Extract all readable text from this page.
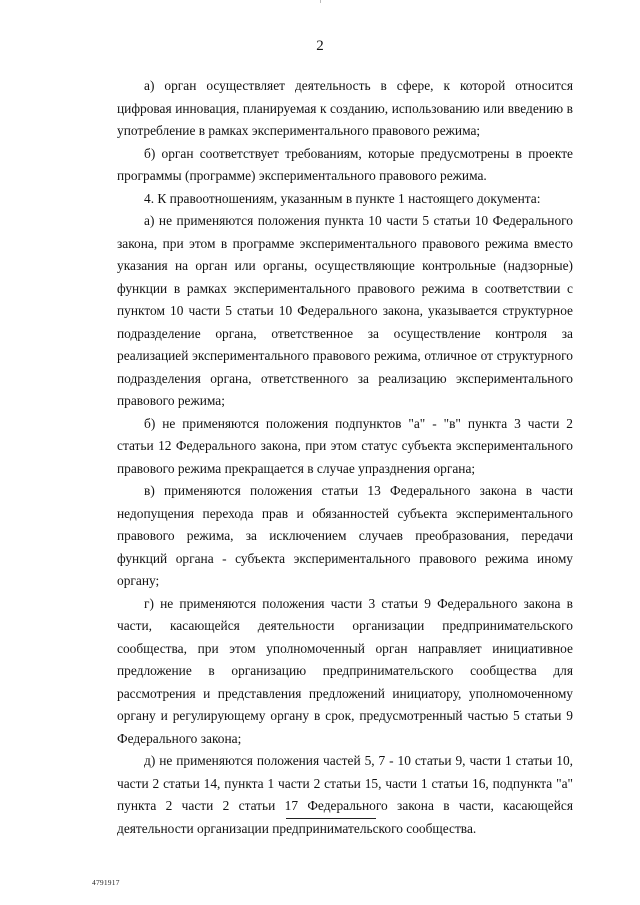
2

а) орган осуществляет деятельность в сфере, к которой относится цифровая инновация, планируемая к созданию, использованию или введению в употребление в рамках экспериментального правового режима;

б) орган соответствует требованиям, которые предусмотрены в проекте программы (программе) экспериментального правового режима.

4. К правоотношениям, указанным в пункте 1 настоящего документа:

а) не применяются положения пункта 10 части 5 статьи 10 Федерального закона, при этом в программе экспериментального правового режима вместо указания на орган или органы, осуществляющие контрольные (надзорные) функции в рамках экспериментального правового режима в соответствии с пунктом 10 части 5 статьи 10 Федерального закона, указывается структурное подразделение органа, ответственное за осуществление контроля за реализацией экспериментального правового режима, отличное от структурного подразделения органа, ответственного за реализацию экспериментального правового режима;

б) не применяются положения подпунктов "а" - "в" пункта 3 части 2 статьи 12 Федерального закона, при этом статус субъекта экспериментального правового режима прекращается в случае упразднения органа;

в) применяются положения статьи 13 Федерального закона в части недопущения перехода прав и обязанностей субъекта экспериментального правового режима, за исключением случаев преобразования, передачи функций органа - субъекта экспериментального правового режима иному органу;

г) не применяются положения части 3 статьи 9 Федерального закона в части, касающейся деятельности организации предпринимательского сообщества, при этом уполномоченный орган направляет инициативное предложение в организацию предпринимательского сообщества для рассмотрения и представления предложений инициатору, уполномоченному органу и регулирующему органу в срок, предусмотренный частью 5 статьи 9 Федерального закона;

д) не применяются положения частей 5, 7 - 10 статьи 9, части 1 статьи 10, части 2 статьи 14, пункта 1 части 2 статьи 15, части 1 статьи 16, подпункта "а" пункта 2 части 2 статьи 17 Федерального закона в части, касающейся деятельности организации предпринимательского сообщества.

4791917
